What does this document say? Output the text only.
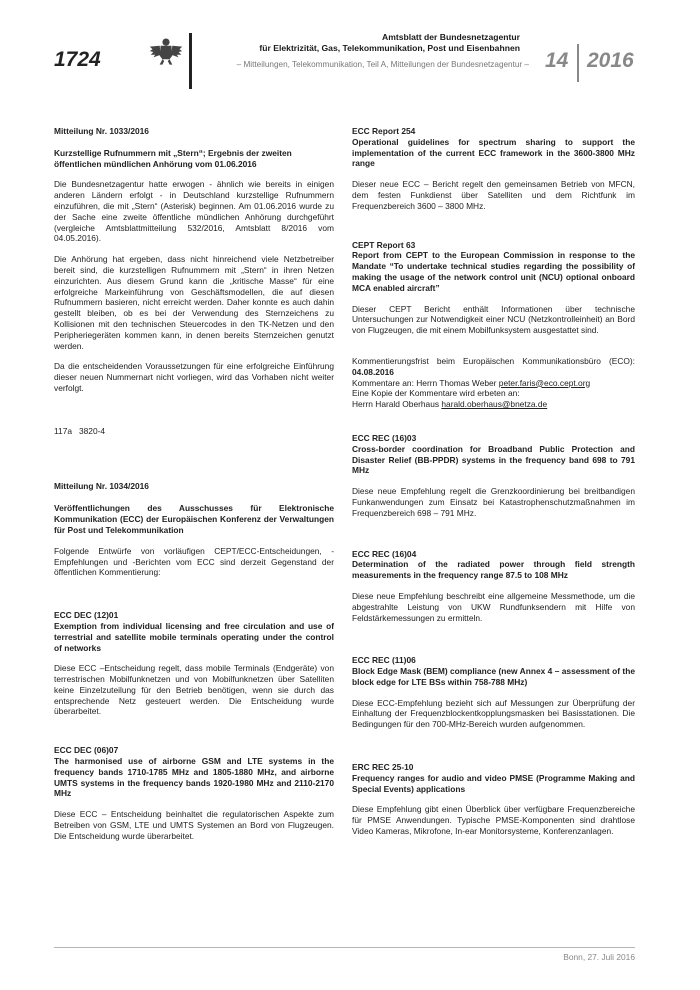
1724
Amtsblatt der Bundesnetzagentur
für Elektrizität, Gas, Telekommunikation, Post und Eisenbahnen
– Mitteilungen, Telekommunikation, Teil A, Mitteilungen der Bundesnetzagentur – 14 2016
Mitteilung Nr. 1033/2016
Kurzstellige Rufnummern mit „Stern“; Ergebnis der zweiten öffentlichen mündlichen Anhörung vom 01.06.2016
Die Bundesnetzagentur hatte erwogen - ähnlich wie bereits in einigen anderen Ländern erfolgt - in Deutschland kurzstellige Rufnummern einzuführen, die mit „Stern“ (Asterisk) beginnen. Am 01.06.2016 wurde zu der Sache eine zweite öffentliche mündlichen Anhörung durchgeführt (vergleiche Amtsblattmitteilung 532/2016, Amtsblatt 8/2016 vom 04.05.2016).
Die Anhörung hat ergeben, dass nicht hinreichend viele Netzbetreiber bereit sind, die kurzstelligen Rufnummern mit „Stern“ in ihren Netzen einzurichten. Aus diesem Grund kann die „kritische Masse“ für eine erfolgreiche Markeinführung von Geschäftsmodellen, die auf diesen Rufnummern basieren, nicht erreicht werden. Daher konnte es auch dahin gestellt bleiben, ob es bei der Verwendung des Sternzeichens zu Kollisionen mit den technischen Steuercodes in den TK-Netzen und den Peripheriegeräten kommen kann, in denen bereits Sternzeichen genutzt werden.
Da die entscheidenden Voraussetzungen für eine erfolgreiche Einführung dieser neuen Nummernart nicht vorliegen, wird das Vorhaben nicht weiter verfolgt.
117a   3820-4
Mitteilung Nr. 1034/2016
Veröffentlichungen des Ausschusses für Elektronische Kommunikation (ECC) der Europäischen Konferenz der Verwaltungen für Post und Telekommunikation
Folgende Entwürfe von vorläufigen CEPT/ECC-Entscheidungen, -Empfehlungen und -Berichten vom ECC sind derzeit Gegenstand der öffentlichen Kommentierung:
ECC DEC (12)01
Exemption from individual licensing and free circulation and use of terrestrial and satellite mobile terminals operating under the control of networks
Diese ECC –Entscheidung regelt, dass mobile Terminals (Endgeräte) von terrestrischen Mobilfunknetzen und von Mobilfunknetzen über Satelliten keine Einzelzuteilung für den Betrieb benötigen, wenn sie durch das entsprechende Netz gesteuert werden. Die Entscheidung wurde überarbeitet.
ECC DEC (06)07
The harmonised use of airborne GSM and LTE systems in the frequency bands 1710-1785 MHz and 1805-1880 MHz, and airborne UMTS systems in the frequency bands 1920-1980 MHz and 2110-2170 MHz
Diese ECC – Entscheidung beinhaltet die regulatorischen Aspekte zum Betreiben von GSM, LTE und UMTS Systemen an Bord von Flugzeugen. Die Entscheidung wurde überarbeitet.
ECC Report 254
Operational guidelines for spectrum sharing to support the implementation of the current ECC framework in the 3600-3800 MHz range
Dieser neue ECC – Bericht regelt den gemeinsamen Betrieb von MFCN, dem festen Funkdienst über Satelliten und dem Richtfunk im Frequenzbereich 3600 – 3800 MHz.
CEPT Report 63
Report from CEPT to the European Commission in response to the Mandate “To undertake technical studies regarding the possibility of making the usage of the network control unit (NCU) optional onboard MCA enabled aircraft”
Dieser CEPT Bericht enthält Informationen über technische Untersuchungen zur Notwendigkeit einer NCU (Netzkontrolleinheit) an Bord von Flugzeugen, die mit einem Mobilfunksystem ausgestattet sind.
Kommentierungsfrist beim Europäischen Kommunikationsbüro (ECO): 04.08.2016
Kommentare an: Herrn Thomas Weber peter.faris@eco.cept.org
Eine Kopie der Kommentare wird erbeten an:
Herrn Harald Oberhaus harald.oberhaus@bnetza.de
ECC REC (16)03
Cross-border coordination for Broadband Public Protection and Disaster Relief (BB-PPDR) systems in the frequency band 698 to 791 MHz
Diese neue Empfehlung regelt die Grenzkoordinierung bei breitbandigen Funkanwendungen zum Einsatz bei Katastrophenschutzmaßnahmen im Frequenzbereich 698 – 791 MHz.
ECC REC (16)04
Determination of the radiated power through field strength measurements in the frequency range 87.5 to 108 MHz
Diese neue Empfehlung beschreibt eine allgemeine Messmethode, um die abgestrahlte Leistung von UKW Rundfunksendern mit Hilfe von Feldstärkemessungen zu ermitteln.
ECC REC (11)06
Block Edge Mask (BEM) compliance (new Annex 4 – assessment of the block edge for LTE BSs within 758-788 MHz)
Diese ECC-Empfehlung bezieht sich auf Messungen zur Überprüfung der Einhaltung der Frequenzblockentkopplungsmasken bei Basisstationen. Die Bedingungen für den 700-MHz-Bereich wurden aufgenommen.
ERC REC 25-10
Frequency ranges for audio and video PMSE (Programme Making and Special Events) applications
Diese Empfehlung gibt einen Überblick über verfügbare Frequenzbereiche für PMSE Anwendungen. Typische PMSE-Komponenten sind drahtlose Video Kameras, Mikrofone, In-ear Monitorsysteme, Konferenzanlagen.
Bonn, 27. Juli 2016
